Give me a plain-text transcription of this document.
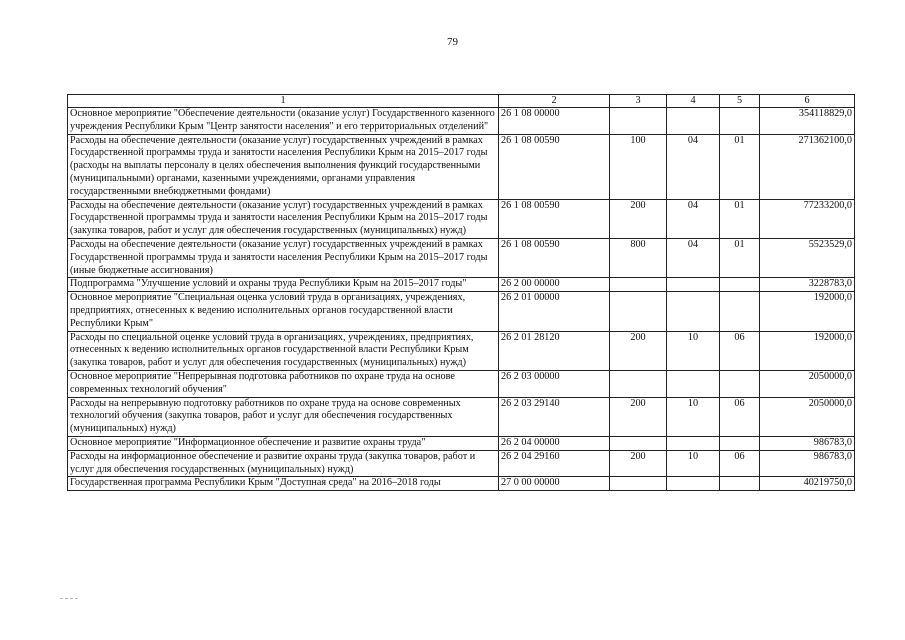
79
1	2	3	4	5	6
Основное мероприятие "Обеспечение деятельности (оказание услуг) Государственного казенного учреждения Республики Крым "Центр занятости населения" и его территориальных отделений"	26 1 08 00000				354118829,0
Расходы на обеспечение деятельности (оказание услуг) государственных учреждений в рамках Государственной программы труда и занятости населения Республики Крым на 2015–2017 годы (расходы на выплаты персоналу в целях обеспечения выполнения функций государственными (муниципальными) органами, казенными учреждениями, органами управления государственными внебюджетными фондами)	26 1 08 00590	100	04	01	271362100,0
Расходы на обеспечение деятельности (оказание услуг) государственных учреждений в рамках Государственной программы труда и занятости населения Республики Крым на 2015–2017 годы (закупка товаров, работ и услуг для обеспечения государственных (муниципальных) нужд)	26 1 08 00590	200	04	01	77233200,0
Расходы на обеспечение деятельности (оказание услуг) государственных учреждений в рамках Государственной программы труда и занятости населения Республики Крым на 2015–2017 годы (иные бюджетные ассигнования)	26 1 08 00590	800	04	01	5523529,0
Подпрограмма "Улучшение условий и охраны труда Республики Крым на 2015–2017 годы"	26 2 00 00000				3228783,0
Основное мероприятие "Специальная оценка условий труда в организациях, учреждениях, предприятиях, отнесенных к ведению исполнительных органов государственной власти Республики Крым"	26 2 01 00000				192000,0
Расходы по специальной оценке условий труда в организациях, учреждениях, предприятиях, отнесенных к ведению исполнительных органов государственной власти Республики Крым (закупка товаров, работ и услуг для обеспечения государственных (муниципальных) нужд)	26 2 01 28120	200	10	06	192000,0
Основное мероприятие "Непрерывная подготовка работников по охране труда на основе современных технологий обучения"	26 2 03 00000				2050000,0
Расходы на непрерывную подготовку работников по охране труда на основе современных технологий обучения (закупка товаров, работ и услуг для обеспечения государственных (муниципальных) нужд)	26 2 03 29140	200	10	06	2050000,0
Основное мероприятие "Информационное обеспечение и развитие охраны труда"	26 2 04 00000				986783,0
Расходы на информационное обеспечение и развитие охраны труда (закупка товаров, работ и услуг для обеспечения государственных (муниципальных) нужд)	26 2 04 29160	200	10	06	986783,0
Государственная программа Республики Крым "Доступная среда" на 2016–2018 годы	27 0 00 00000				40219750,0
